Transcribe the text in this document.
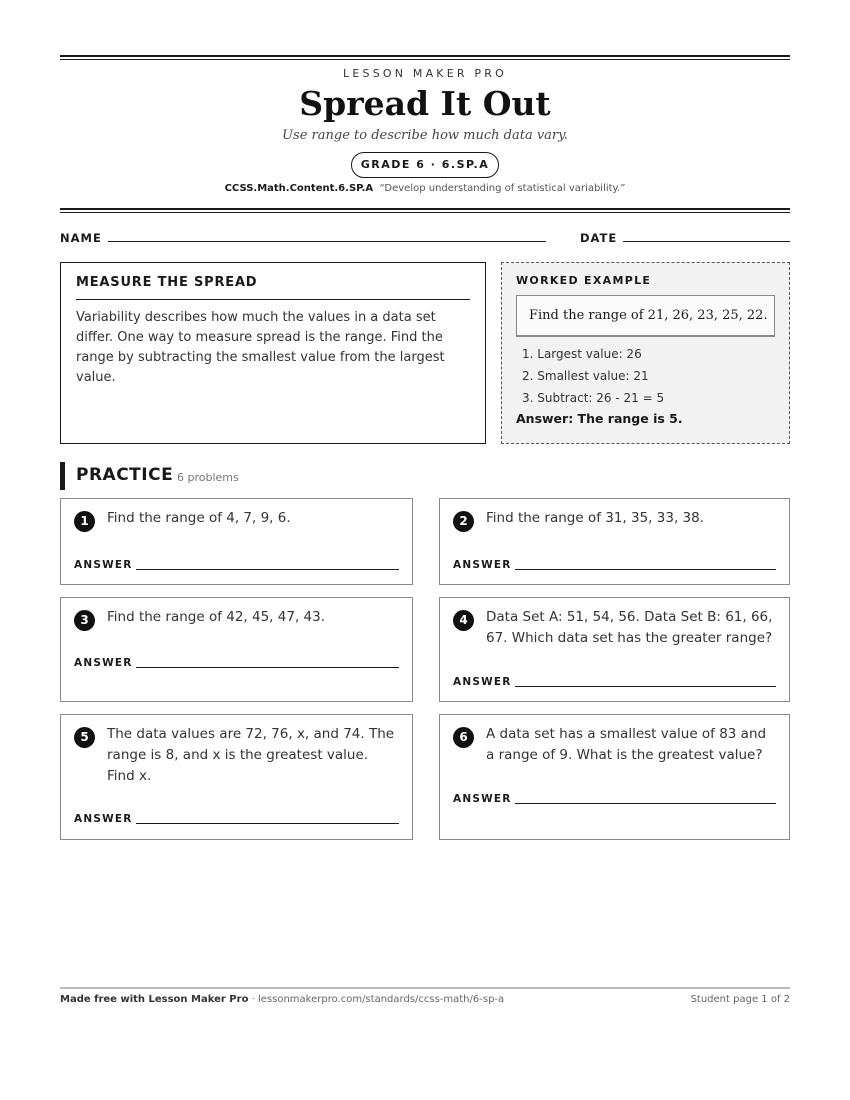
LESSON MAKER PRO
Spread It Out
Use range to describe how much data vary.
GRADE 6 · 6.SP.A
CCSS.Math.Content.6.SP.A “Develop understanding of statistical variability.”
NAME	DATE
MEASURE THE SPREAD
Variability describes how much the values in a data set differ. One way to measure spread is the range. Find the range by subtracting the smallest value from the largest value.
WORKED EXAMPLE
Find the range of 21, 26, 23, 25, 22.
1. Largest value: 26
2. Smallest value: 21
3. Subtract: 26 - 21 = 5
Answer: The range is 5.
PRACTICE 6 problems
1	Find the range of 4, 7, 9, 6.
ANSWER
2	Find the range of 31, 35, 33, 38.
ANSWER
3	Find the range of 42, 45, 47, 43.
ANSWER
4	Data Set A: 51, 54, 56. Data Set B: 61, 66, 67. Which data set has the greater range?
ANSWER
5	The data values are 72, 76, x, and 74. The range is 8, and x is the greatest value. Find x.
ANSWER
6	A data set has a smallest value of 83 and a range of 9. What is the greatest value?
ANSWER
Made free with Lesson Maker Pro · lessonmakerpro.com/standards/ccss-math/6-sp-a	Student page 1 of 2
